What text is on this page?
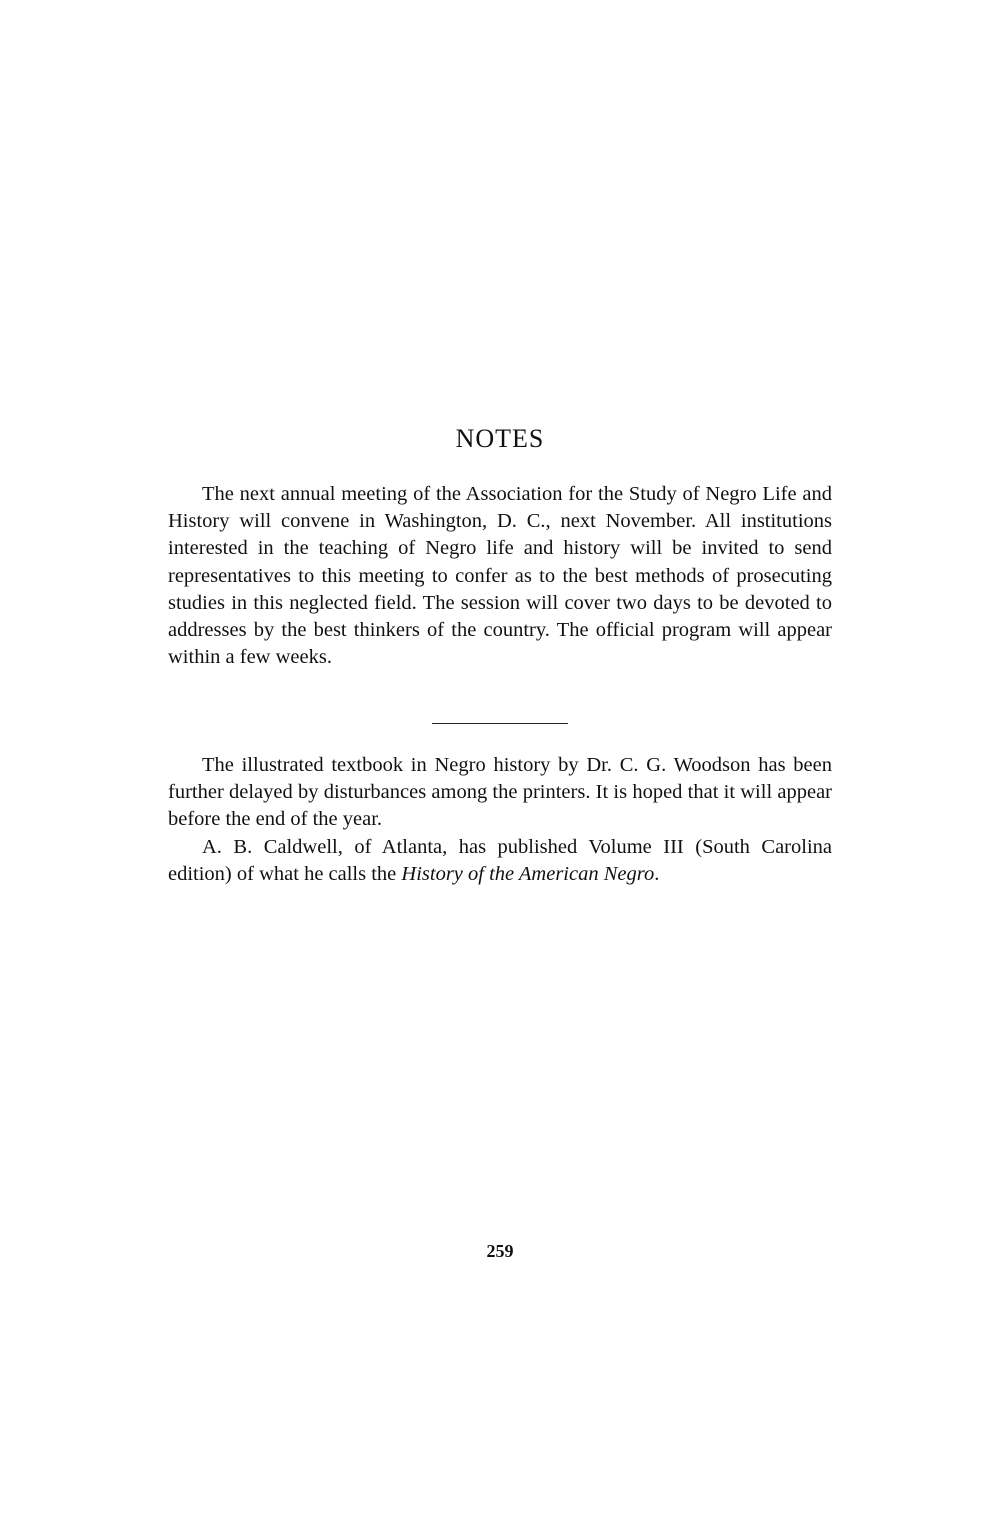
NOTES

The next annual meeting of the Association for the Study of Negro Life and History will convene in Washington, D. C., next November. All institutions interested in the teaching of Negro life and history will be invited to send representatives to this meeting to confer as to the best methods of prosecuting studies in this neglected field. The session will cover two days to be devoted to addresses by the best thinkers of the country. The official program will appear within a few weeks.

The illustrated textbook in Negro history by Dr. C. G. Woodson has been further delayed by disturbances among the printers. It is hoped that it will appear before the end of the year.

A. B. Caldwell, of Atlanta, has published Volume III (South Carolina edition) of what he calls the History of the American Negro.

259
